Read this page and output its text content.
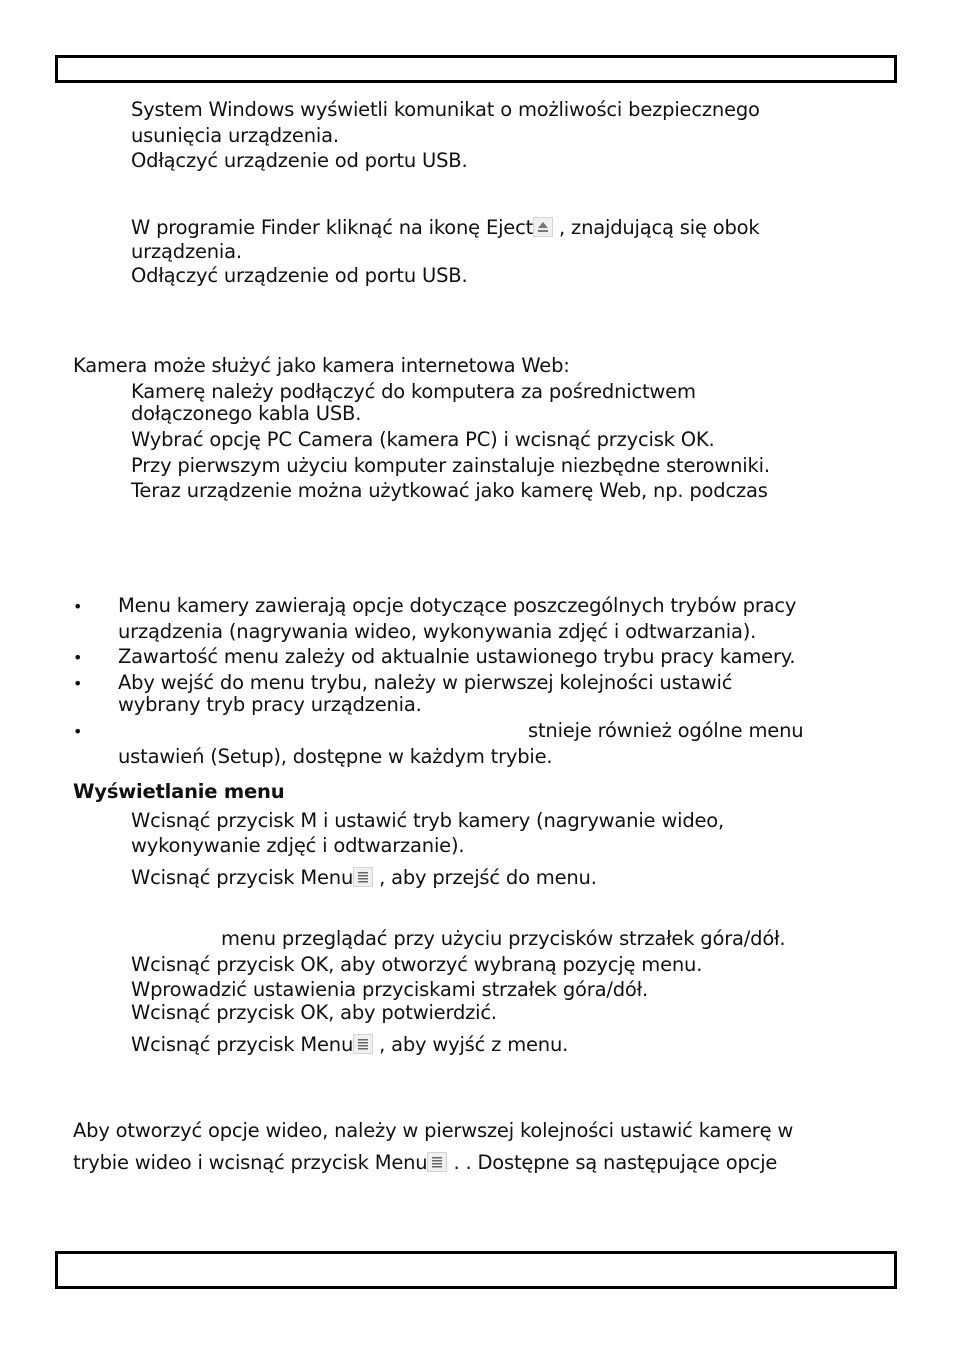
System Windows wyświetli komunikat o możliwości bezpiecznego
usunięcia urządzenia.
Odłączyć urządzenie od portu USB.
W programie Finder kliknąć na ikonę Eject
, znajdującą się obok
urządzenia.
Odłączyć urządzenie od portu USB.
Kamera może służyć jako kamera internetowa Web:
Kamerę należy podłączyć do komputera za pośrednictwem
dołączonego kabla USB.
Wybrać opcję PC Camera (kamera PC) i wcisnąć przycisk OK.
Przy pierwszym użyciu komputer zainstaluje niezbędne sterowniki.
Teraz urządzenie można użytkować jako kamerę Web, np. podczas
• Menu kamery zawierają opcje dotyczące poszczególnych trybów pracy
urządzenia (nagrywania wideo, wykonywania zdjęć i odtwarzania).
• Zawartość menu zależy od aktualnie ustawionego trybu pracy kamery.
• Aby wejść do menu trybu, należy w pierwszej kolejności ustawić
wybrany tryb pracy urządzenia.
•	stnieje również ogólne menu
ustawień (Setup), dostępne w każdym trybie.
Wyświetlanie menu
Wcisnąć przycisk M i ustawić tryb kamery (nagrywanie wideo,
wykonywanie zdjęć i odtwarzanie).
Wcisnąć przycisk Menu
, aby przejść do menu.
menu przeglądać przy użyciu przycisków strzałek góra/dół.
Wcisnąć przycisk OK, aby otworzyć wybraną pozycję menu.
Wprowadzić ustawienia przyciskami strzałek góra/dół.
Wcisnąć przycisk OK, aby potwierdzić.
Wcisnąć przycisk Menu
, aby wyjść z menu.
Aby otworzyć opcje wideo, należy w pierwszej kolejności ustawić kamerę w
trybie wideo i wcisnąć przycisk Menu
. . Dostępne są następujące opcje
